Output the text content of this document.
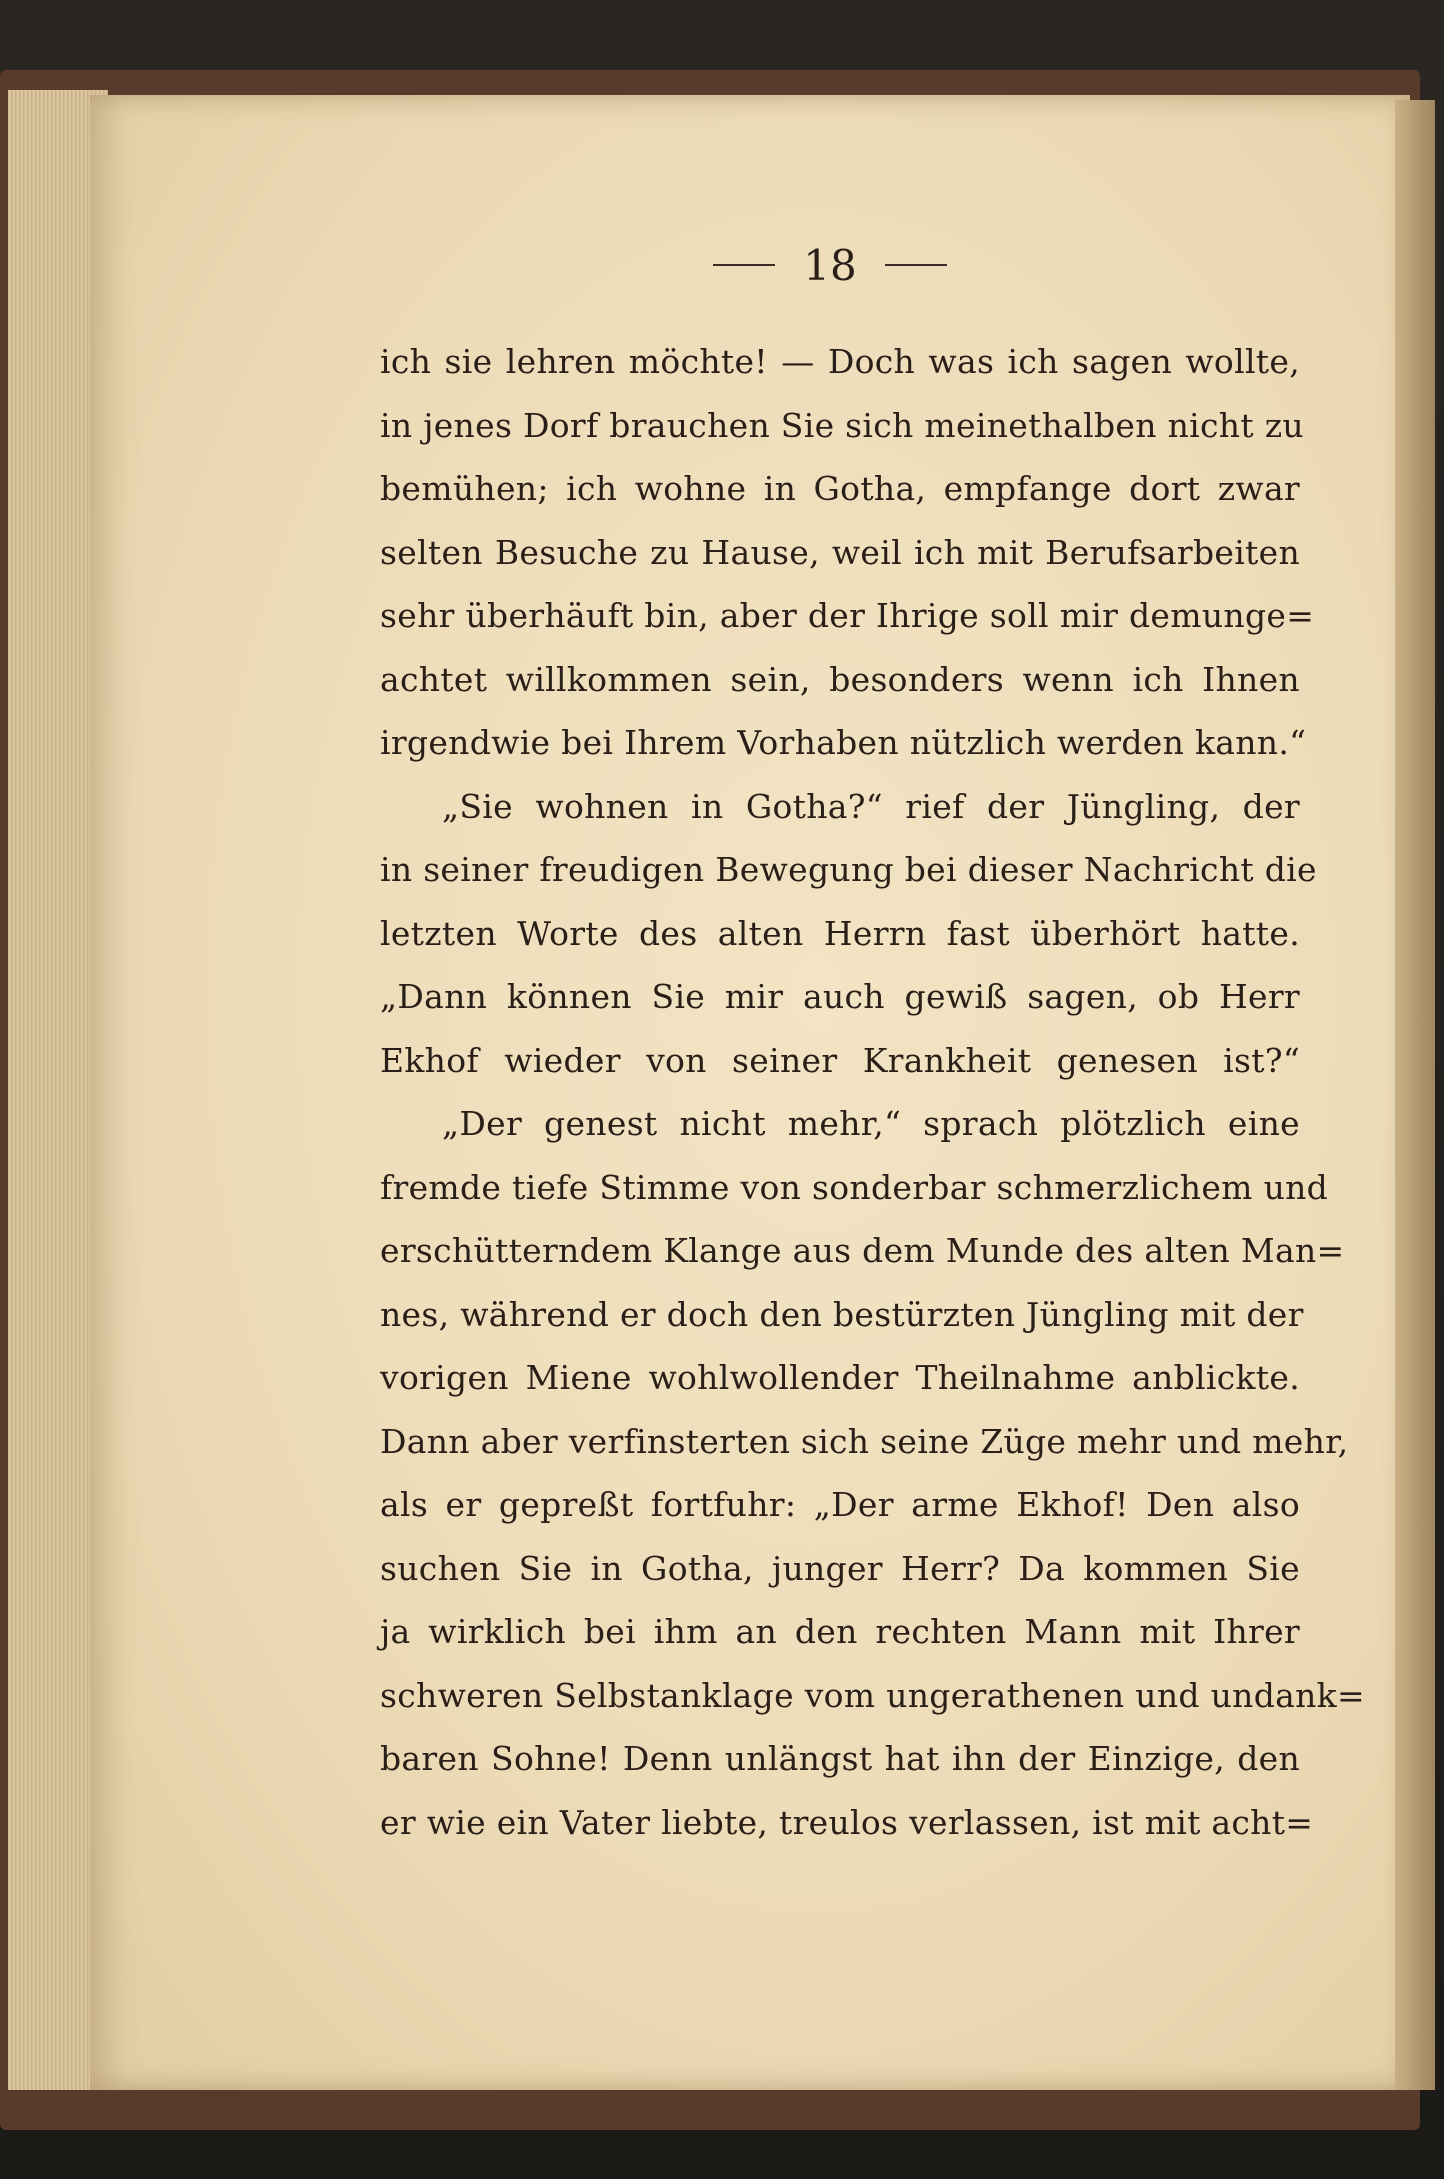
18
ich sie lehren möchte! — Doch was ich sagen wollte,
in jenes Dorf brauchen Sie sich meinethalben nicht zu
bemühen; ich wohne in Gotha, empfange dort zwar
selten Besuche zu Hause, weil ich mit Berufsarbeiten
sehr überhäuft bin, aber der Ihrige soll mir demunge=
achtet willkommen sein, besonders wenn ich Ihnen
irgendwie bei Ihrem Vorhaben nützlich werden kann.“
„Sie wohnen in Gotha?“ rief der Jüngling, der
in seiner freudigen Bewegung bei dieser Nachricht die
letzten Worte des alten Herrn fast überhört hatte.
„Dann können Sie mir auch gewiß sagen, ob Herr
Ekhof wieder von seiner Krankheit genesen ist?“
„Der genest nicht mehr,“ sprach plötzlich eine
fremde tiefe Stimme von sonderbar schmerzlichem und
erschütterndem Klange aus dem Munde des alten Man=
nes, während er doch den bestürzten Jüngling mit der
vorigen Miene wohlwollender Theilnahme anblickte.
Dann aber verfinsterten sich seine Züge mehr und mehr,
als er gepreßt fortfuhr: „Der arme Ekhof! Den also
suchen Sie in Gotha, junger Herr? Da kommen Sie
ja wirklich bei ihm an den rechten Mann mit Ihrer
schweren Selbstanklage vom ungerathenen und undank=
baren Sohne! Denn unlängst hat ihn der Einzige, den
er wie ein Vater liebte, treulos verlassen, ist mit acht=
